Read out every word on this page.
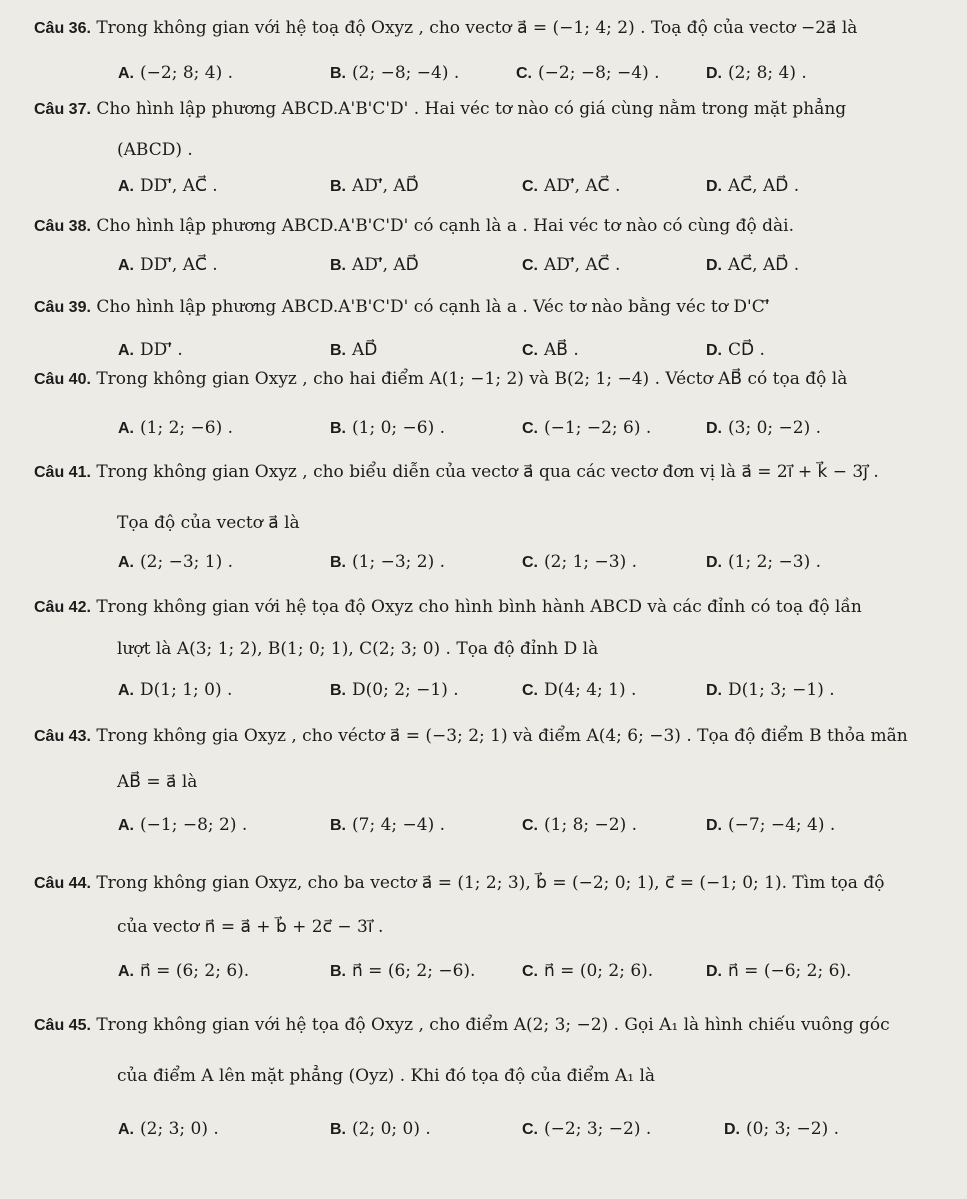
Câu 36. Trong không gian với hệ toạ độ Oxyz , cho vectơ a⃗ = (−1; 4; 2) . Toạ độ của vectơ −2a⃗ là
A. (−2; 8; 4) .	B. (2; −8; −4) .	C. (−2; −8; −4) .	D. (2; 8; 4) .
Câu 37. Cho hình lập phương ABCD.A'B'C'D' . Hai véc tơ nào có giá cùng nằm trong mặt phẳng
(ABCD) .
A. DD'⃗, AC⃗ .	B. AD'⃗, AD⃗	C. AD'⃗, AC⃗ .	D. AC⃗, AD⃗ .
Câu 38. Cho hình lập phương ABCD.A'B'C'D' có cạnh là a . Hai véc tơ nào có cùng độ dài.
A. DD'⃗, AC⃗ .	B. AD'⃗, AD⃗	C. AD'⃗, AC⃗ .	D. AC⃗, AD⃗ .
Câu 39. Cho hình lập phương ABCD.A'B'C'D' có cạnh là a . Véc tơ nào bằng véc tơ D'C'⃗
A. DD'⃗ .	B. AD⃗	C. AB⃗ .	D. CD⃗ .
Câu 40. Trong không gian Oxyz , cho hai điểm A(1; −1; 2) và B(2; 1; −4) . Véctơ AB⃗ có tọa độ là
A. (1; 2; −6) .	B. (1; 0; −6) .	C. (−1; −2; 6) .	D. (3; 0; −2) .
Câu 41. Trong không gian Oxyz , cho biểu diễn của vectơ a⃗ qua các vectơ đơn vị là a⃗ = 2i⃗ + k⃗ − 3j⃗ .
Tọa độ của vectơ a⃗ là
A. (2; −3; 1) .	B. (1; −3; 2) .	C. (2; 1; −3) .	D. (1; 2; −3) .
Câu 42. Trong không gian với hệ tọa độ Oxyz cho hình bình hành ABCD và các đỉnh có toạ độ lần
lượt là A(3; 1; 2), B(1; 0; 1), C(2; 3; 0) . Tọa độ đỉnh D là
A. D(1; 1; 0) .	B. D(0; 2; −1) .	C. D(4; 4; 1) .	D. D(1; 3; −1) .
Câu 43. Trong không gia Oxyz , cho véctơ a⃗ = (−3; 2; 1) và điểm A(4; 6; −3) . Tọa độ điểm B thỏa mãn
AB⃗ = a⃗ là
A. (−1; −8; 2) .	B. (7; 4; −4) .	C. (1; 8; −2) .	D. (−7; −4; 4) .
Câu 44. Trong không gian Oxyz, cho ba vectơ a⃗ = (1; 2; 3), b⃗ = (−2; 0; 1), c⃗ = (−1; 0; 1). Tìm tọa độ
của vectơ n⃗ = a⃗ + b⃗ + 2c⃗ − 3i⃗ .
A. n⃗ = (6; 2; 6).	B. n⃗ = (6; 2; −6).	C. n⃗ = (0; 2; 6).	D. n⃗ = (−6; 2; 6).
Câu 45. Trong không gian với hệ tọa độ Oxyz , cho điểm A(2; 3; −2) . Gọi A₁ là hình chiếu vuông góc
của điểm A lên mặt phẳng (Oyz) . Khi đó tọa độ của điểm A₁ là
A. (2; 3; 0) .	B. (2; 0; 0) .	C. (−2; 3; −2) .	D. (0; 3; −2) .
